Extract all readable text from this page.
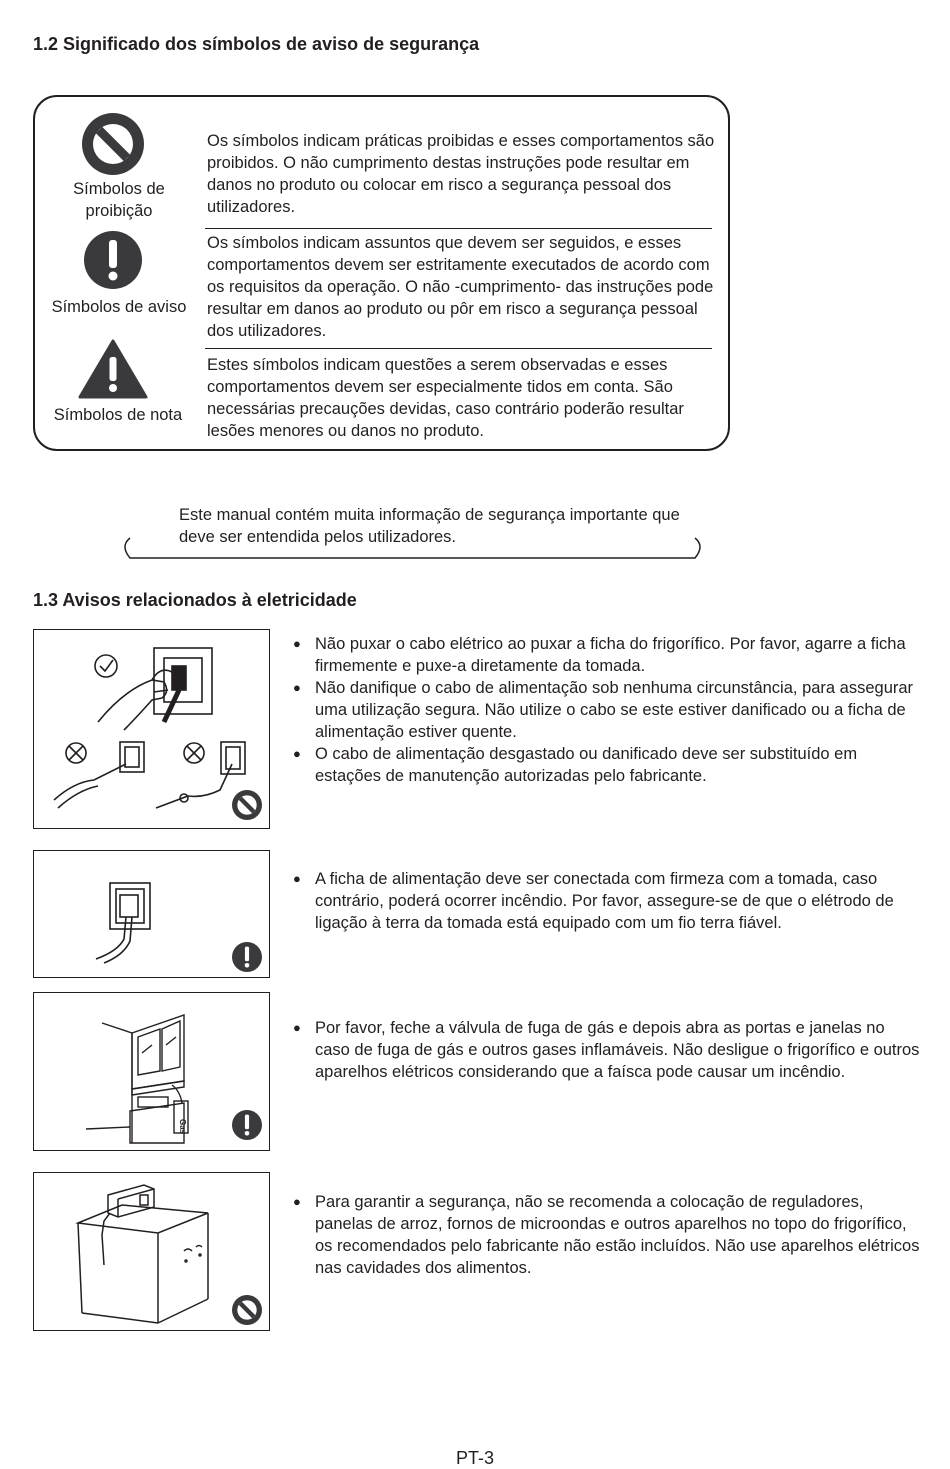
1.2 Significado dos símbolos de aviso de segurança
Símbolos de proibição
Os símbolos indicam práticas proibidas e esses comportamentos são proibidos. O não cumprimento destas instruções pode resultar em danos no produto ou colocar em risco a segurança pessoal dos utilizadores.
Símbolos de aviso
Os símbolos indicam assuntos que devem ser seguidos, e esses comportamentos devem ser estritamente executados de acordo com os requisitos da operação. O não -cumprimento- das instruções pode resultar em danos ao produto ou pôr em risco a segurança pessoal dos utilizadores.
Símbolos de nota
Estes símbolos indicam questões a serem observadas e esses comportamentos devem ser especialmente tidos em conta. São necessárias precauções devidas, caso contrário poderão resultar lesões menores ou danos no produto.
Este manual contém muita informação de segurança importante que deve ser entendida pelos utilizadores.
1.3 Avisos relacionados à eletricidade
● Não puxar o cabo elétrico ao puxar a ficha do frigorífico. Por favor, agarre a ficha firmemente e puxe-a diretamente da tomada.
● Não danifique o cabo de alimentação sob nenhuma circunstância, para assegurar uma utilização segura. Não utilize o cabo se este estiver danificado ou a ficha de alimentação estiver quente.
● O cabo de alimentação desgastado ou danificado deve ser substituído em estações de manutenção autorizadas pelo fabricante.
● A ficha de alimentação deve ser conectada com firmeza com a tomada, caso contrário, poderá ocorrer incêndio. Por favor, assegure-se de que o elétrodo de ligação à terra da tomada está equipado com um fio terra fiável.
Gas
● Por favor, feche a válvula de fuga de gás e depois abra as portas e janelas no caso de fuga de gás e outros gases inflamáveis. Não desligue o frigorífico e outros aparelhos elétricos considerando que a faísca pode causar um incêndio.
● Para garantir a segurança, não se recomenda a colocação de reguladores, panelas de arroz, fornos de microondas e outros aparelhos no topo do frigorífico, os recomendados pelo fabricante não estão incluídos. Não use aparelhos elétricos nas cavidades dos alimentos.
PT-3
